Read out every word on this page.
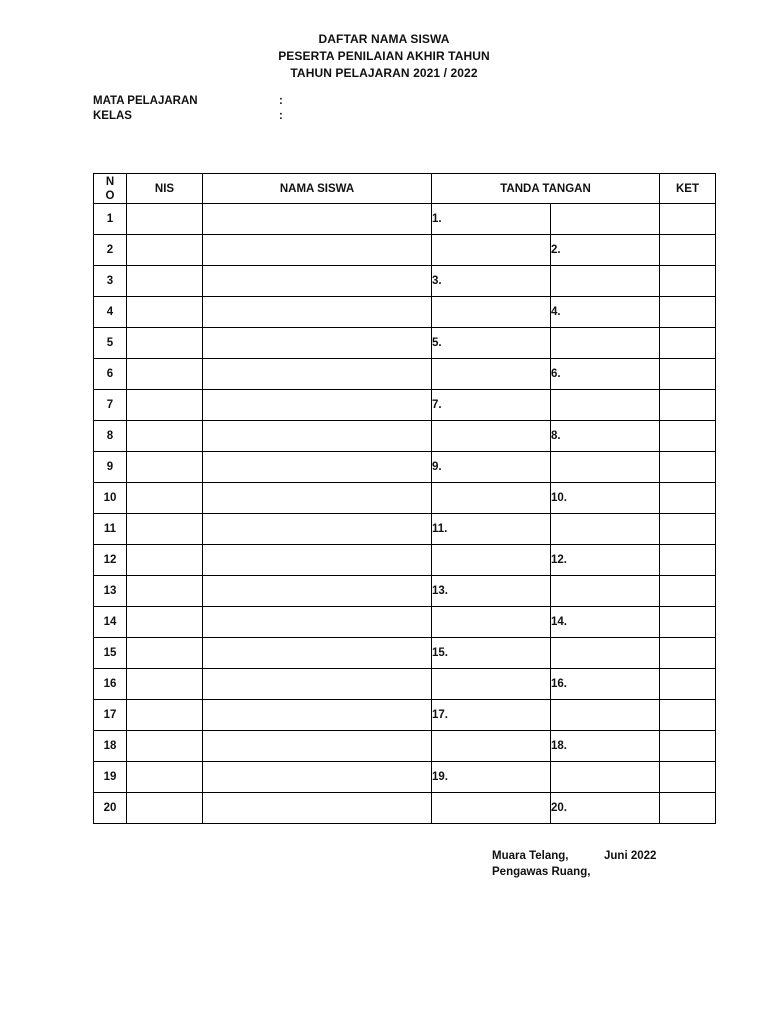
DAFTAR NAMA SISWA
PESERTA PENILAIAN AKHIR TAHUN
TAHUN PELAJARAN 2021 / 2022
MATA PELAJARAN	:
KELAS	:
N
O	NIS	NAMA SISWA	TANDA TANGAN		KET
1			1.		
2				2.	
3			3.		
4				4.	
5			5.		
6				6.	
7			7.		
8				8.	
9			9.		
10				10.	
11			11.		
12				12.	
13			13.		
14				14.	
15			15.		
16				16.	
17			17.		
18				18.	
19			19.		
20				20.	
Muara Telang,	Juni 2022
Pengawas Ruang,
